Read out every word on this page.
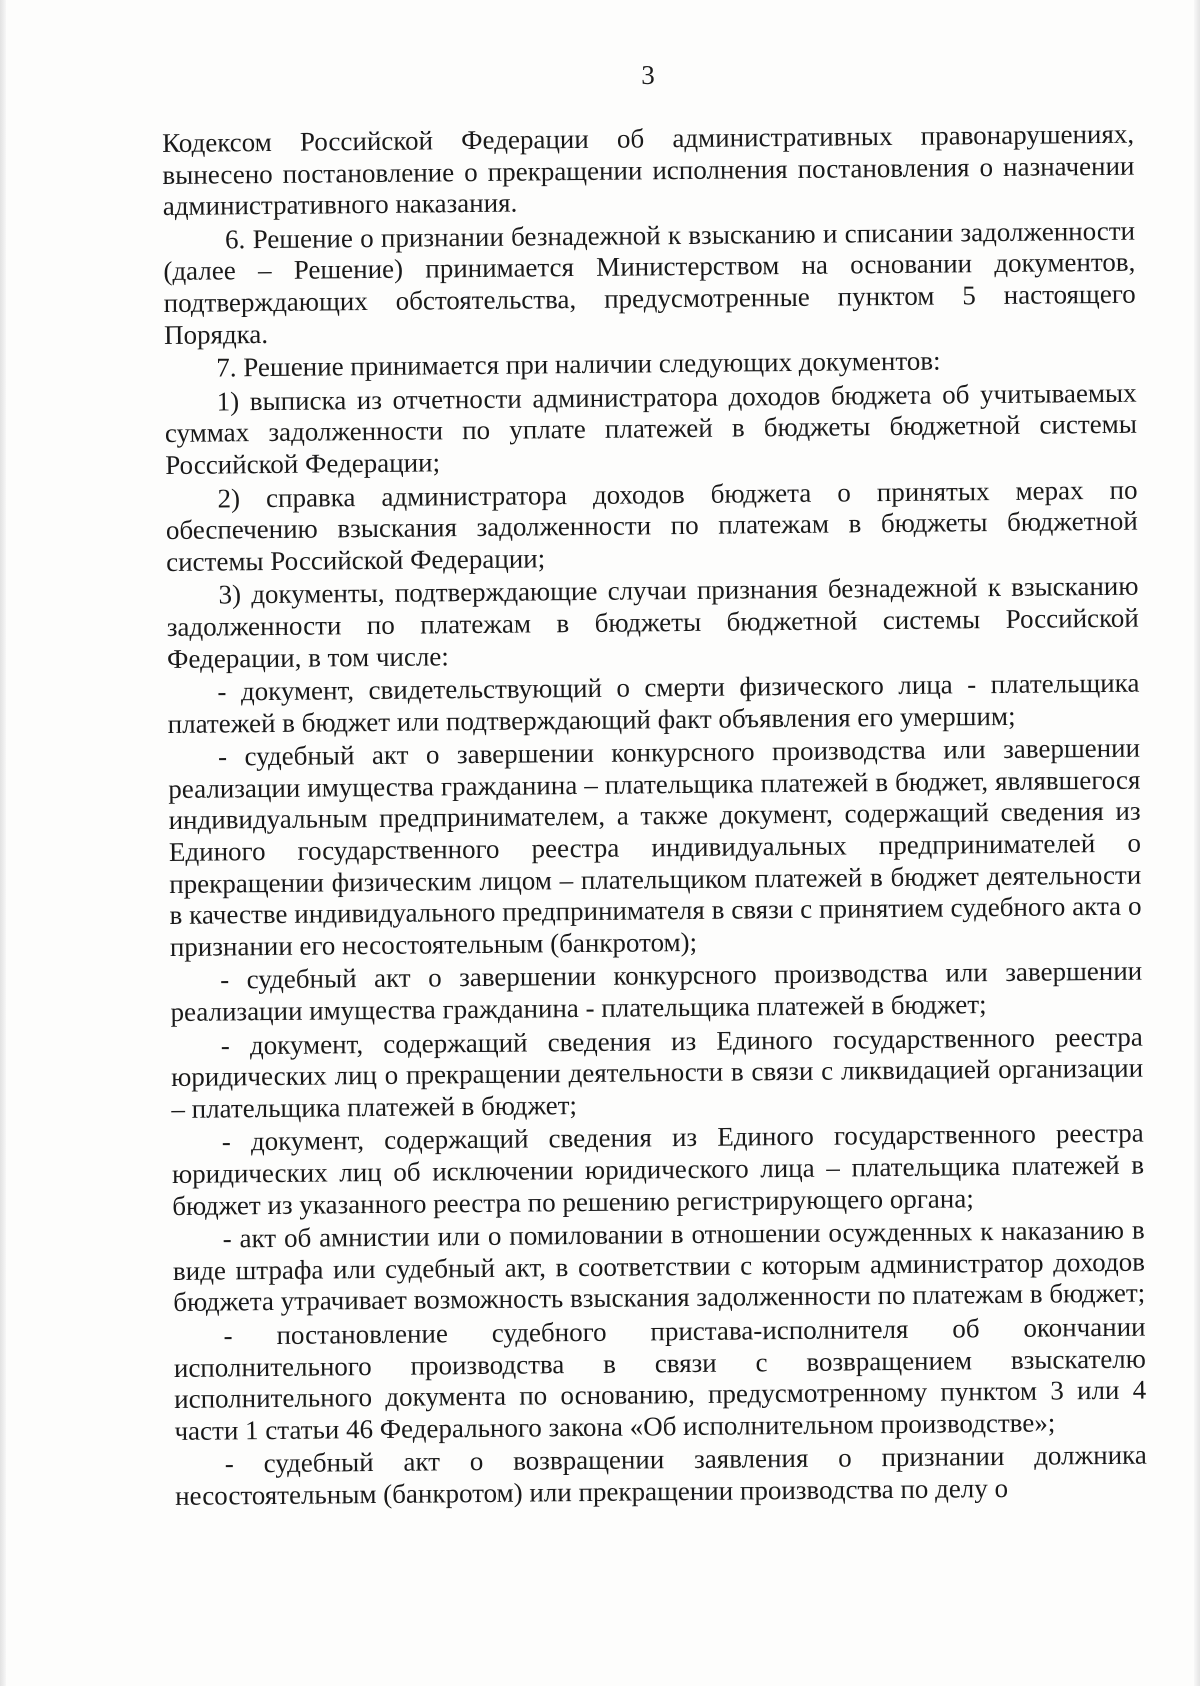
3

Кодексом Российской Федерации об административных правонарушениях, вынесено постановление о прекращении исполнения постановления о назначении административного наказания.

6. Решение о признании безнадежной к взысканию и списании задолженности (далее – Решение) принимается Министерством на основании документов, подтверждающих обстоятельства, предусмотренные пунктом 5 настоящего Порядка.

7. Решение принимается при наличии следующих документов:

1) выписка из отчетности администратора доходов бюджета об учитываемых суммах задолженности по уплате платежей в бюджеты бюджетной системы Российской Федерации;

2) справка администратора доходов бюджета о принятых мерах по обеспечению взыскания задолженности по платежам в бюджеты бюджетной системы Российской Федерации;

3) документы, подтверждающие случаи признания безнадежной к взысканию задолженности по платежам в бюджеты бюджетной системы Российской Федерации, в том числе:

- документ, свидетельствующий о смерти физического лица - плательщика платежей в бюджет или подтверждающий факт объявления его умершим;

- судебный акт о завершении конкурсного производства или завершении реализации имущества гражданина – плательщика платежей в бюджет, являвшегося индивидуальным предпринимателем, а также документ, содержащий сведения из Единого государственного реестра индивидуальных предпринимателей о прекращении физическим лицом – плательщиком платежей в бюджет деятельности в качестве индивидуального предпринимателя в связи с принятием судебного акта о признании его несостоятельным (банкротом);

- судебный акт о завершении конкурсного производства или завершении реализации имущества гражданина - плательщика платежей в бюджет;

- документ, содержащий сведения из Единого государственного реестра юридических лиц о прекращении деятельности в связи с ликвидацией организации – плательщика платежей в бюджет;

- документ, содержащий сведения из Единого государственного реестра юридических лиц об исключении юридического лица – плательщика платежей в бюджет из указанного реестра по решению регистрирующего органа;

- акт об амнистии или о помиловании в отношении осужденных к наказанию в виде штрафа или судебный акт, в соответствии с которым администратор доходов бюджета утрачивает возможность взыскания задолженности по платежам в бюджет;

- постановление судебного пристава-исполнителя об окончании исполнительного производства в связи с возвращением взыскателю исполнительного документа по основанию, предусмотренному пунктом 3 или 4 части 1 статьи 46 Федерального закона «Об исполнительном производстве»;

- судебный акт о возвращении заявления о признании должника несостоятельным (банкротом) или прекращении производства по делу о
